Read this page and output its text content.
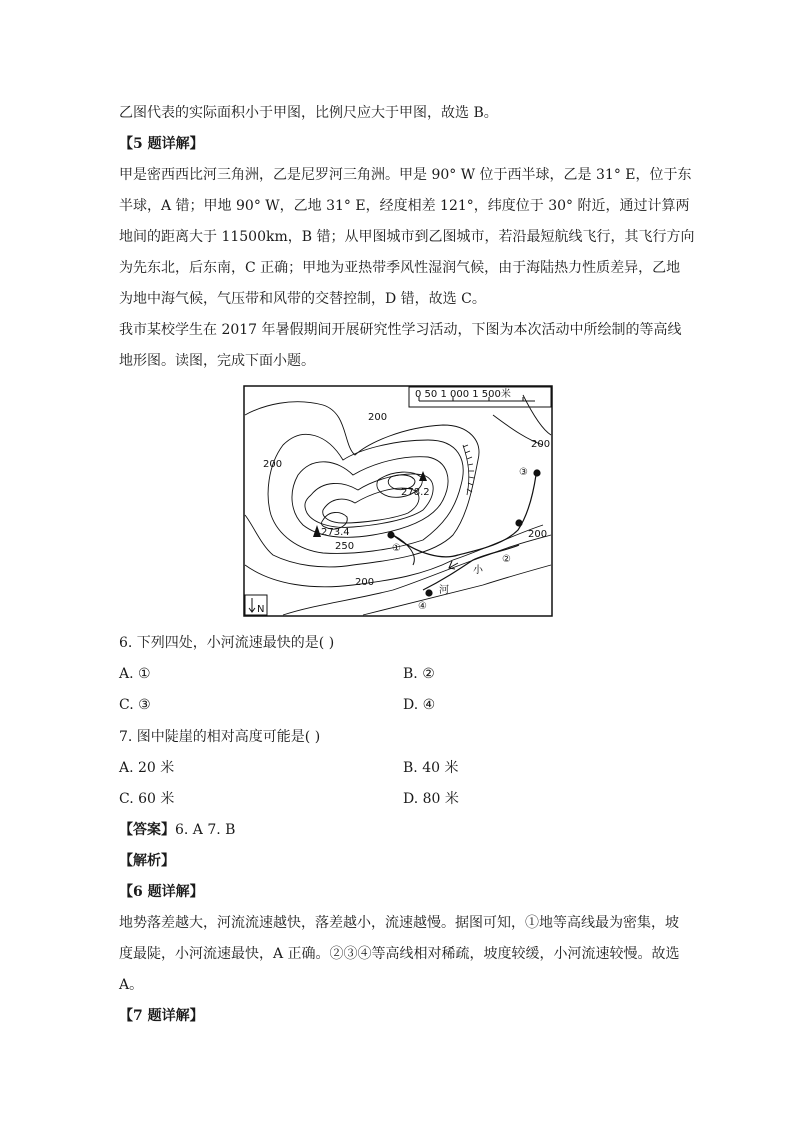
乙图代表的实际面积小于甲图，比例尺应大于甲图，故选 B。
【5 题详解】
甲是密西西比河三角洲，乙是尼罗河三角洲。甲是 90° W 位于西半球，乙是 31° E，位于东
半球，A 错；甲地 90° W，乙地 31° E，经度相差 121°，纬度位于 30° 附近，通过计算两
地间的距离大于 11500km，B 错；从甲图城市到乙图城市，若沿最短航线飞行，其飞行方向
为先东北，后东南，C 正确；甲地为亚热带季风性湿润气候，由于海陆热力性质差异，乙地
为地中海气候，气压带和风带的交替控制，D 错，故选 C。
我市某校学生在 2017 年暑假期间开展研究性学习活动，下图为本次活动中所绘制的等高线
地形图。读图，完成下面小题。
0 50 1 000 1 500米
278.2
273.4
200
200
200
200
200
250	①
②
③
④
小
河
N
6. 下列四处，小河流速最快的是( )
A. ①	B. ②
C. ③	D. ④
7. 图中陡崖的相对高度可能是( )
A. 20 米	B. 40 米
C. 60 米	D. 80 米
【答案】6. A 7. B
【解析】
【6 题详解】
地势落差越大，河流流速越快，落差越小，流速越慢。据图可知，①地等高线最为密集，坡
度最陡，小河流速最快，A 正确。②③④等高线相对稀疏，坡度较缓，小河流速较慢。故选
A。
【7 题详解】
